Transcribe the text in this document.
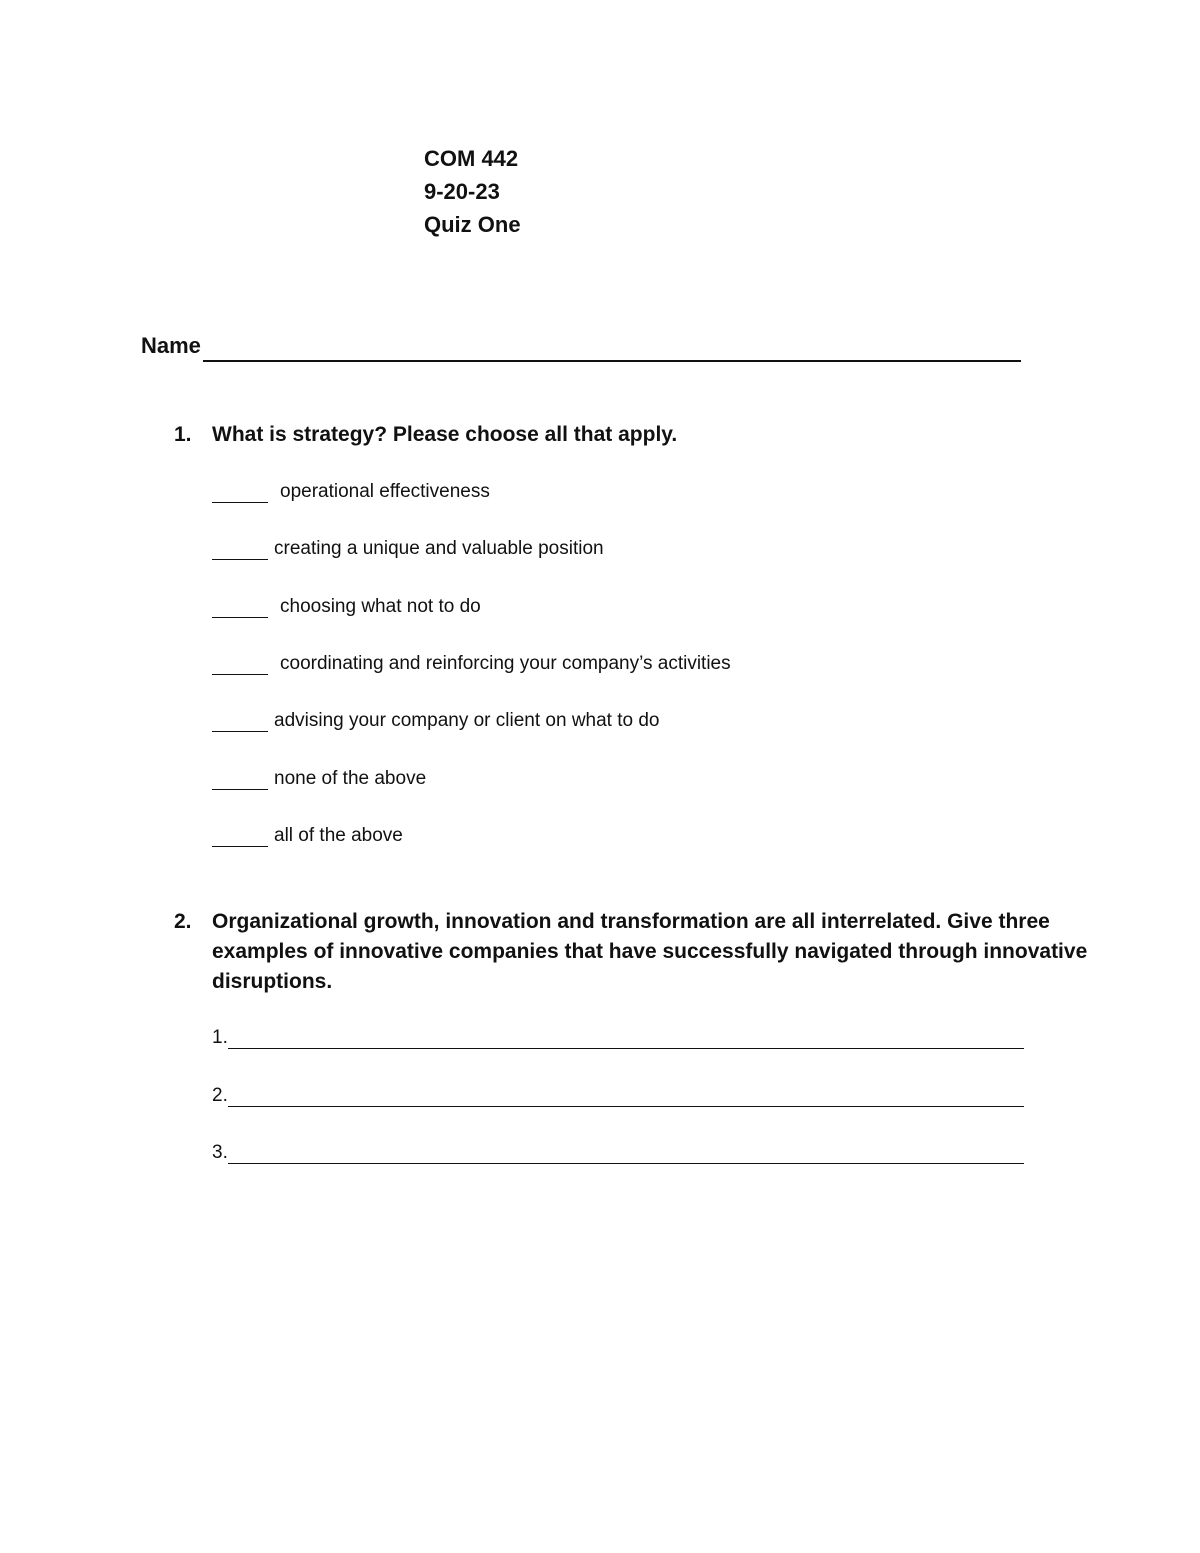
COM 442
9-20-23
Quiz One
Name
1. What is strategy? Please choose all that apply.
operational effectiveness
creating a unique and valuable position
choosing what not to do
coordinating and reinforcing your company’s activities
advising your company or client on what to do
none of the above
all of the above
2. Organizational growth, innovation and transformation are all interrelated. Give three examples of innovative companies that have successfully navigated through innovative disruptions.
1.
2.
3.
